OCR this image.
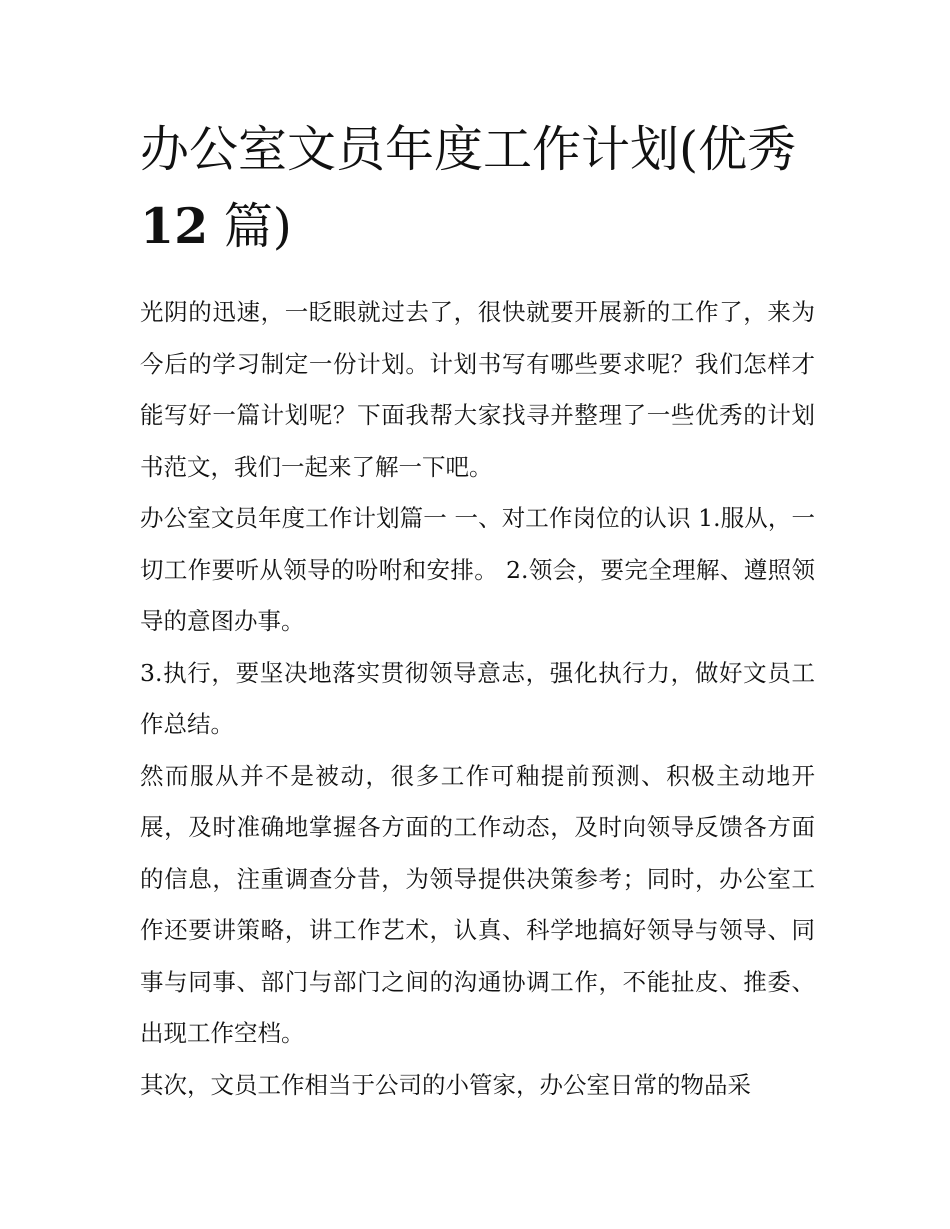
办公室文员年度工作计划(优秀
12 篇)

光阴的迅速，一眨眼就过去了，很快就要开展新的工作了，来为今后的学习制定一份计划。计划书写有哪些要求呢？我们怎样才能写好一篇计划呢？下面我帮大家找寻并整理了一些优秀的计划书范文，我们一起来了解一下吧。

办公室文员年度工作计划篇一 一、对工作岗位的认识 1.服从，一切工作要听从领导的吩咐和安排。 2.领会，要完全理解、遵照领导的意图办事。

3.执行，要坚决地落实贯彻领导意志，强化执行力，做好文员工作总结。

然而服从并不是被动，很多工作可釉提前预测、积极主动地开展，及时准确地掌握各方面的工作动态，及时向领导反馈各方面的信息，注重调查分昔，为领导提供决策参考；同时，办公室工作还要讲策略，讲工作艺术，认真、科学地搞好领导与领导、同事与同事、部门与部门之间的沟通协调工作，不能扯皮、推委、出现工作空档。

其次，文员工作相当于公司的小管家，办公室日常的物品采
